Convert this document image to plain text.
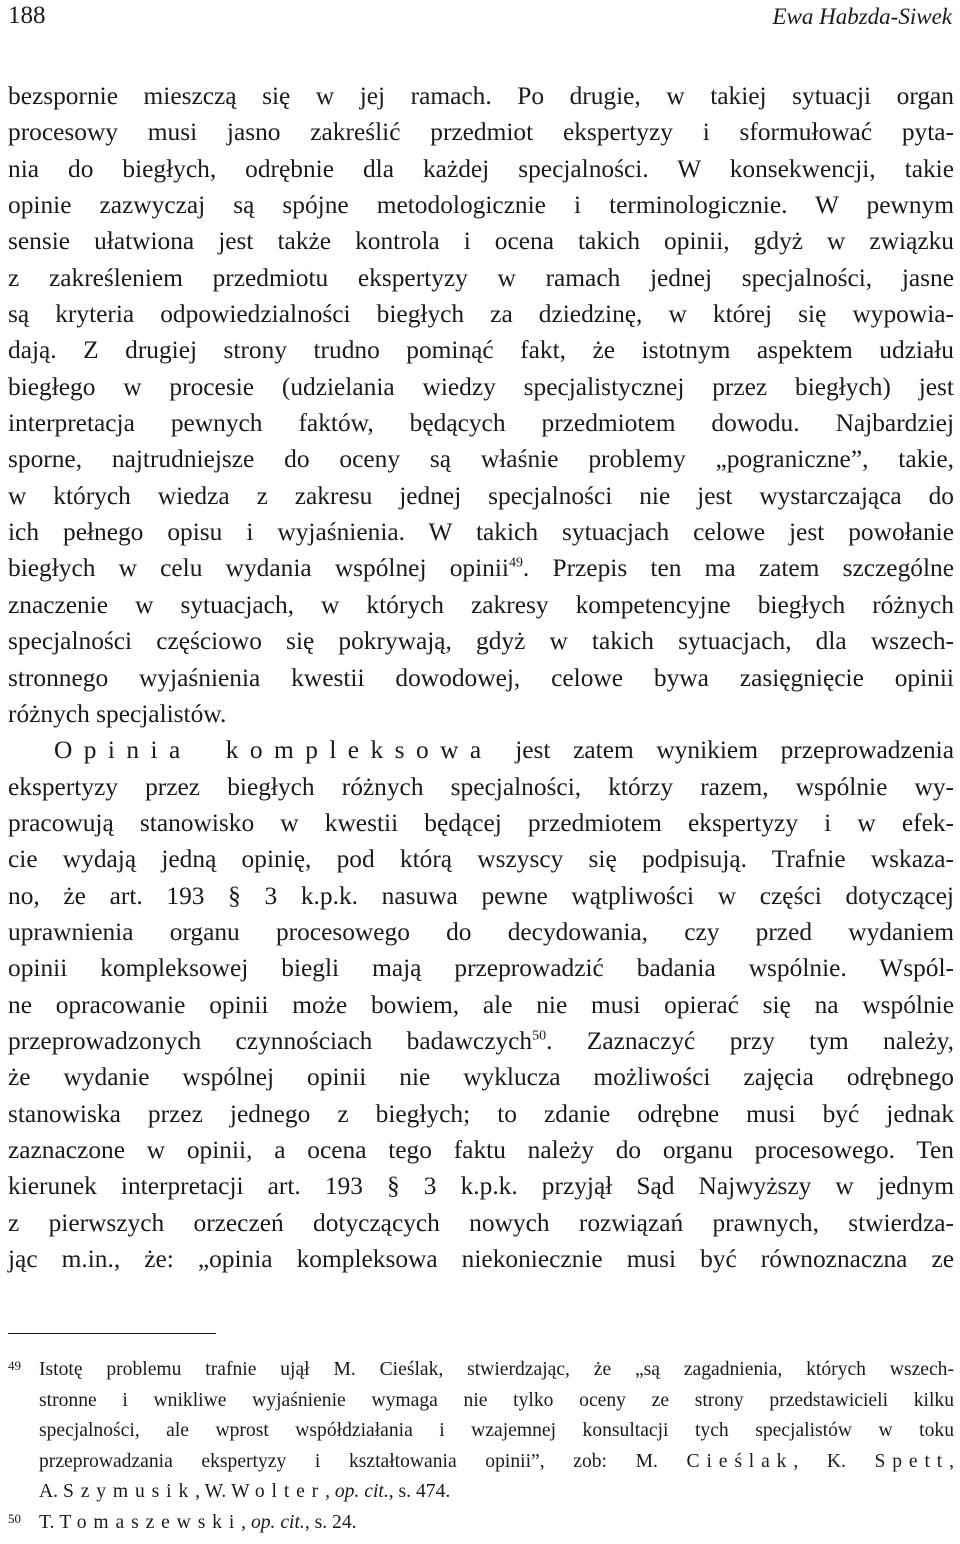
188	Ewa Habzda-Siwek
bezspornie mieszczą się w jej ramach. Po drugie, w takiej sytuacji organ
procesowy musi jasno zakreślić przedmiot ekspertyzy i sformułować pyta-
nia do biegłych, odrębnie dla każdej specjalności. W konsekwencji, takie
opinie zazwyczaj są spójne metodologicznie i terminologicznie. W pewnym
sensie ułatwiona jest także kontrola i ocena takich opinii, gdyż w związku
z zakreśleniem przedmiotu ekspertyzy w ramach jednej specjalności, jasne
są kryteria odpowiedzialności biegłych za dziedzinę, w której się wypowia-
dają. Z drugiej strony trudno pominąć fakt, że istotnym aspektem udziału
biegłego w procesie (udzielania wiedzy specjalistycznej przez biegłych) jest
interpretacja pewnych faktów, będących przedmiotem dowodu. Najbardziej
sporne, najtrudniejsze do oceny są właśnie problemy „pograniczne”, takie,
w których wiedza z zakresu jednej specjalności nie jest wystarczająca do
ich pełnego opisu i wyjaśnienia. W takich sytuacjach celowe jest powołanie
biegłych w celu wydania wspólnej opinii$^{49}$. Przepis ten ma zatem szczególne
znaczenie w sytuacjach, w których zakresy kompetencyjne biegłych różnych
specjalności częściowo się pokrywają, gdyż w takich sytuacjach, dla wszech-
stronnego wyjaśnienia kwestii dowodowej, celowe bywa zasięgnięcie opinii
różnych specjalistów.
Opinia kompleksowa jest zatem wynikiem przeprowadzenia
ekspertyzy przez biegłych różnych specjalności, którzy razem, wspólnie wy-
pracowują stanowisko w kwestii będącej przedmiotem ekspertyzy i w efek-
cie wydają jedną opinię, pod którą wszyscy się podpisują. Trafnie wskaza-
no, że art. 193 § 3 k.p.k. nasuwa pewne wątpliwości w części dotyczącej
uprawnienia organu procesowego do decydowania, czy przed wydaniem
opinii kompleksowej biegli mają przeprowadzić badania wspólnie. Wspól-
ne opracowanie opinii może bowiem, ale nie musi opierać się na wspólnie
przeprowadzonych czynnościach badawczych$^{50}$. Zaznaczyć przy tym należy,
że wydanie wspólnej opinii nie wyklucza możliwości zajęcia odrębnego
stanowiska przez jednego z biegłych; to zdanie odrębne musi być jednak
zaznaczone w opinii, a ocena tego faktu należy do organu procesowego. Ten
kierunek interpretacji art. 193 § 3 k.p.k. przyjął Sąd Najwyższy w jednym
z pierwszych orzeczeń dotyczących nowych rozwiązań prawnych, stwierdza-
jąc m.in., że: „opinia kompleksowa niekoniecznie musi być równoznaczna ze
49 Istotę problemu trafnie ujął M. Cieślak, stwierdzając, że „są zagadnienia, których wszech-
stronne i wnikliwe wyjaśnienie wymaga nie tylko oceny ze strony przedstawicieli kilku
specjalności, ale wprost współdziałania i wzajemnej konsultacji tych specjalistów w toku
przeprowadzania ekspertyzy i kształtowania opinii”, zob: M. Cieślak, K. Spett,
A. Szymusik, W. Wolter, op. cit., s. 474.
50 T. Tomaszewski, op. cit., s. 24.
